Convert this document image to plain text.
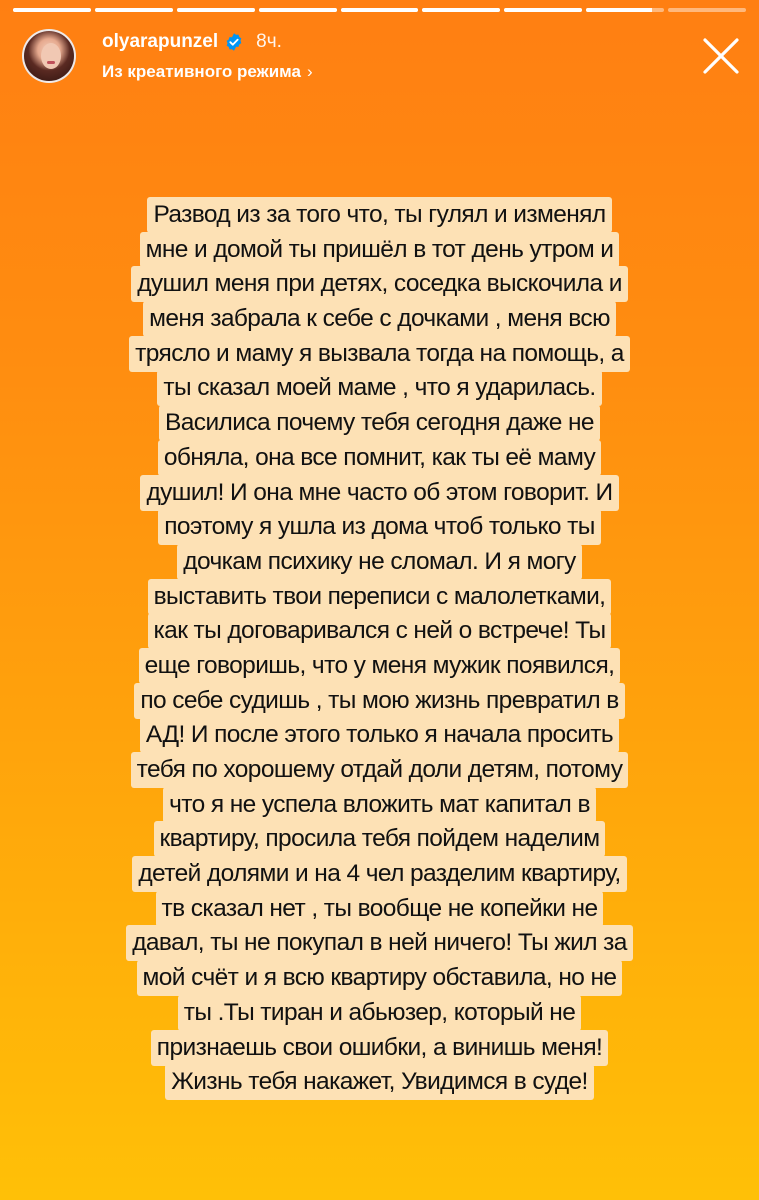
olyarapunzel 8ч.
Из креативного режима ›
Развод из за того что, ты гулял и изменял
мне и домой ты пришёл в тот день утром и
душил меня при детях, соседка выскочила и
меня забрала к себе с дочками , меня всю
трясло и маму я вызвала тогда на помощь, а
ты сказал моей маме , что я ударилась.
Василиса почему тебя сегодня даже не
обняла, она все помнит, как ты её маму
душил! И она мне часто об этом говорит. И
поэтому я ушла из дома чтоб только ты
дочкам психику не сломал. И я могу
выставить твои переписи с малолетками,
как ты договаривался с ней о встрече! Ты
еще говоришь, что у меня мужик появился,
по себе судишь , ты мою жизнь превратил в
АД! И после этого только я начала просить
тебя по хорошему отдай доли детям, потому
что я не успела вложить мат капитал в
квартиру, просила тебя пойдем наделим
детей долями и на 4 чел разделим квартиру,
тв сказал нет , ты вообще не копейки не
давал, ты не покупал в ней ничего! Ты жил за
мой счёт и я всю квартиру обставила, но не
ты .Ты тиран и абьюзер, который не
признаешь свои ошибки, а винишь меня!
Жизнь тебя накажет, Увидимся в суде!
